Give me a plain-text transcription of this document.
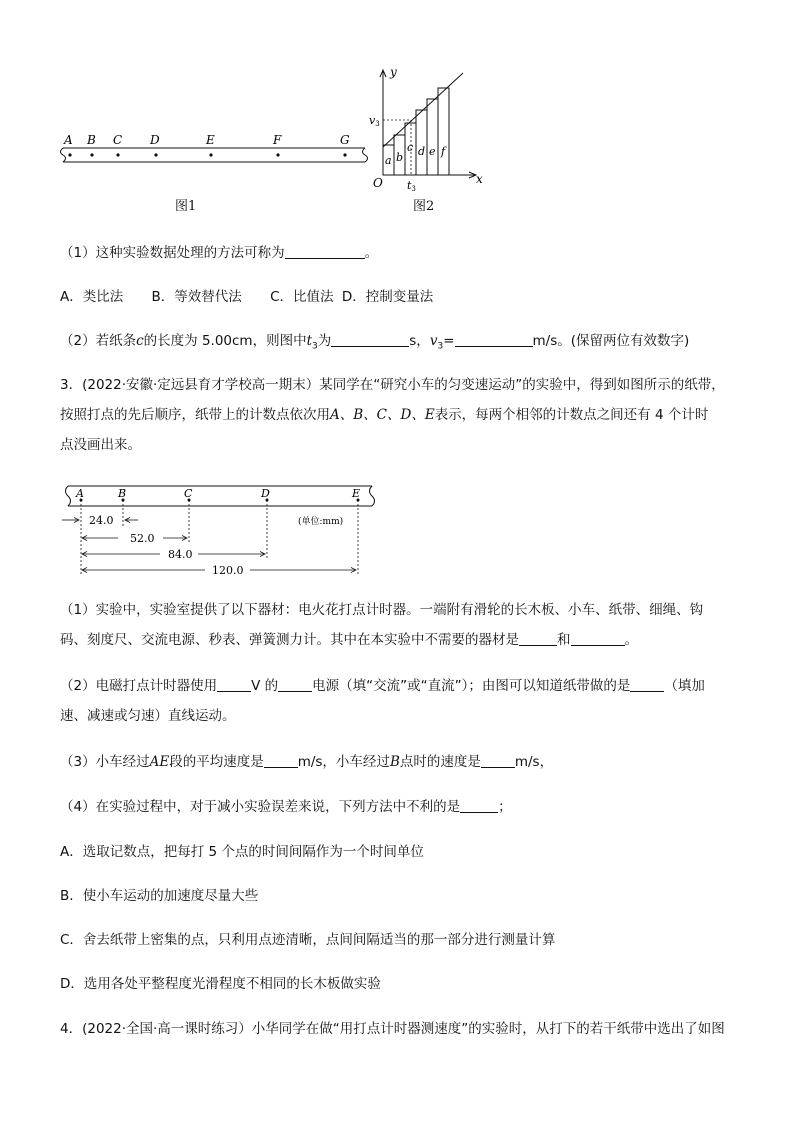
A B C D	E	F	G
图1
y
x
O
v3
t3
a b
c d e f
图2
（1）这种实验数据处理的方法可称为	。
A．类比法 B．等效替代法 C．比值法 D．控制变量法
（2）若纸条c的长度为 5.00cm，则图中$t_3$为	s，$v_3=$	m/s。(保留两位有效数字)
3．(2022·安徽·定远县育才学校高一期末）某同学在“研究小车的匀变速运动”的实验中，得到如图所示的纸带，
按照打点的先后顺序，纸带上的计数点依次用A、B、C、D、E表示，每两个相邻的计数点之间还有 4 个计时
点没画出来。
A	B	C	D	E
24.0
52.0
84.0
120.0
(单位:mm)
（1）实验中，实验室提供了以下器材：电火花打点计时器。一端附有滑轮的长木板、小车、纸带、细绳、钩
码、刻度尺、交流电源、秒表、弹簧测力计。其中在本实验中不需要的器材是	和	。
（2）电磁打点计时器使用	V 的	电源（填“交流”或“直流”）；由图可以知道纸带做的是	（填加
速、减速或匀速）直线运动。
（3）小车经过AE段的平均速度是	m/s，小车经过B点时的速度是	m/s，
（4）在实验过程中，对于减小实验误差来说，下列方法中不利的是	；
A．选取记数点，把每打 5 个点的时间间隔作为一个时间单位
B．使小车运动的加速度尽量大些
C．舍去纸带上密集的点，只利用点迹清晰，点间间隔适当的那一部分进行测量计算
D．选用各处平整程度光滑程度不相同的长木板做实验
4．(2022·全国·高一课时练习）小华同学在做“用打点计时器测速度”的实验时，从打下的若干纸带中选出了如图
